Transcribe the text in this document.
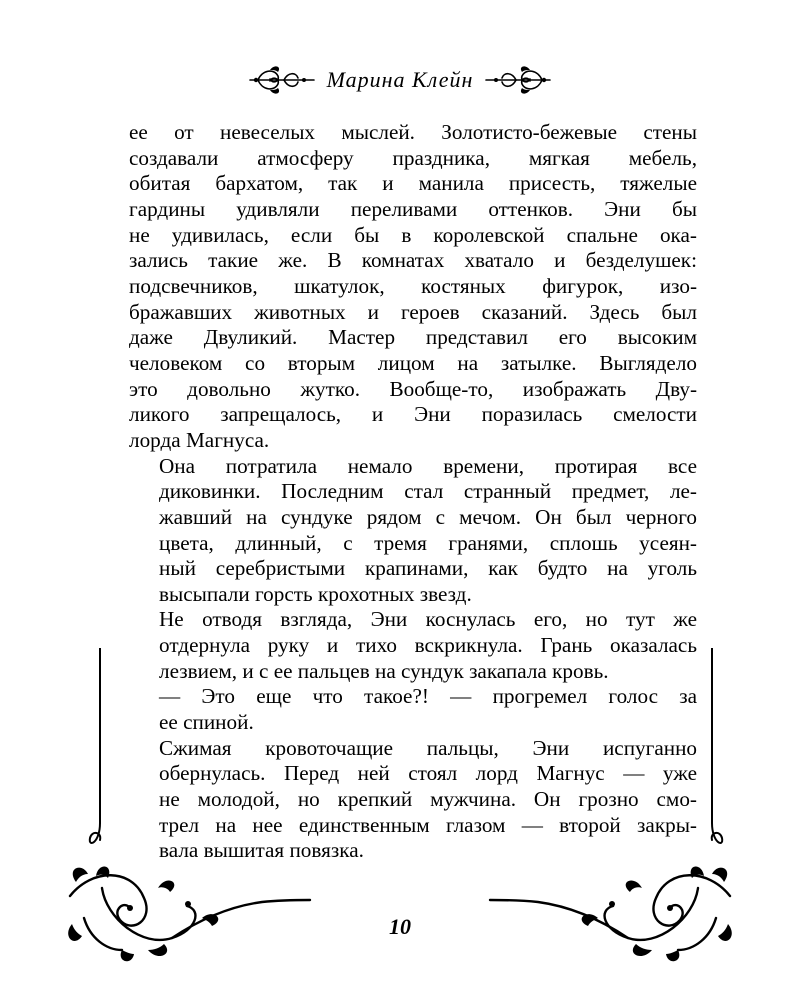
Марина Клейн

ее от невеселых мыслей. Золотисто-бежевые стены
создавали атмосферу праздника, мягкая мебель,
обитая бархатом, так и манила присесть, тяжелые
гардины удивляли переливами оттенков. Эни бы
не удивилась, если бы в королевской спальне ока-
зались такие же. В комнатах хватало и безделушек:
подсвечников, шкатулок, костяных фигурок, изо-
бражавших животных и героев сказаний. Здесь был
даже Двуликий. Мастер представил его высоким
человеком со вторым лицом на затылке. Выглядело
это довольно жутко. Вообще-то, изображать Дву-
ликого запрещалось, и Эни поразилась смелости
лорда Магнуса.

Она потратила немало времени, протирая все
диковинки. Последним стал странный предмет, ле-
жавший на сундуке рядом с мечом. Он был черного
цвета, длинный, с тремя гранями, сплошь усеян-
ный серебристыми крапинами, как будто на уголь
высыпали горсть крохотных звезд.

Не отводя взгляда, Эни коснулась его, но тут же
отдернула руку и тихо вскрикнула. Грань оказалась
лезвием, и с ее пальцев на сундук закапала кровь.

— Это еще что такое?! — прогремел голос за
ее спиной.

Сжимая кровоточащие пальцы, Эни испуганно
обернулась. Перед ней стоял лорд Магнус — уже
не молодой, но крепкий мужчина. Он грозно смо-
трел на нее единственным глазом — второй закры-
вала вышитая повязка.

10
